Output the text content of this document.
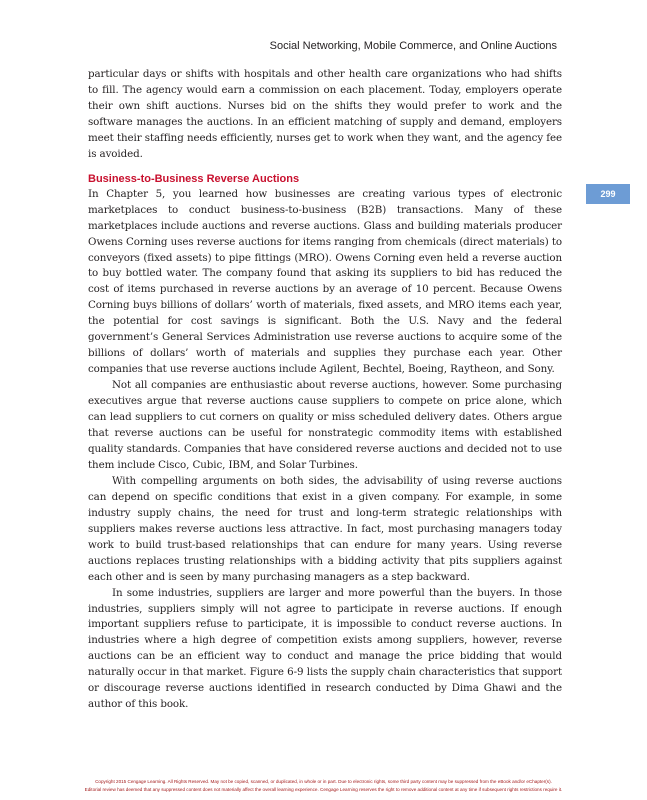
Social Networking, Mobile Commerce, and Online Auctions
299

particular days or shifts with hospitals and other health care organizations who had shifts to fill. The agency would earn a commission on each placement. Today, employers operate their own shift auctions. Nurses bid on the shifts they would prefer to work and the software manages the auctions. In an efficient matching of supply and demand, employers meet their staffing needs efficiently, nurses get to work when they want, and the agency fee is avoided.

Business-to-Business Reverse Auctions

In Chapter 5, you learned how businesses are creating various types of electronic marketplaces to conduct business-to-business (B2B) transactions. Many of these marketplaces include auctions and reverse auctions. Glass and building materials producer Owens Corning uses reverse auctions for items ranging from chemicals (direct materials) to conveyors (fixed assets) to pipe fittings (MRO). Owens Corning even held a reverse auction to buy bottled water. The company found that asking its suppliers to bid has reduced the cost of items purchased in reverse auctions by an average of 10 percent. Because Owens Corning buys billions of dollars’ worth of materials, fixed assets, and MRO items each year, the potential for cost savings is significant. Both the U.S. Navy and the federal government’s General Services Administration use reverse auctions to acquire some of the billions of dollars’ worth of materials and supplies they purchase each year. Other companies that use reverse auctions include Agilent, Bechtel, Boeing, Raytheon, and Sony.

Not all companies are enthusiastic about reverse auctions, however. Some purchasing executives argue that reverse auctions cause suppliers to compete on price alone, which can lead suppliers to cut corners on quality or miss scheduled delivery dates. Others argue that reverse auctions can be useful for nonstrategic commodity items with established quality standards. Companies that have considered reverse auctions and decided not to use them include Cisco, Cubic, IBM, and Solar Turbines.

With compelling arguments on both sides, the advisability of using reverse auctions can depend on specific conditions that exist in a given company. For example, in some industry supply chains, the need for trust and long-term strategic relationships with suppliers makes reverse auctions less attractive. In fact, most purchasing managers today work to build trust-based relationships that can endure for many years. Using reverse auctions replaces trusting relationships with a bidding activity that pits suppliers against each other and is seen by many purchasing managers as a step backward.

In some industries, suppliers are larger and more powerful than the buyers. In those industries, suppliers simply will not agree to participate in reverse auctions. If enough important suppliers refuse to participate, it is impossible to conduct reverse auctions. In industries where a high degree of competition exists among suppliers, however, reverse auctions can be an efficient way to conduct and manage the price bidding that would naturally occur in that market. Figure 6-9 lists the supply chain characteristics that support or discourage reverse auctions identified in research conducted by Dima Ghawi and the author of this book.

Copyright 2015 Cengage Learning. All Rights Reserved. May not be copied, scanned, or duplicated, in whole or in part. Due to electronic rights, some third party content may be suppressed from the eBook and/or eChapter(s).
Editorial review has deemed that any suppressed content does not materially affect the overall learning experience. Cengage Learning reserves the right to remove additional content at any time if subsequent rights restrictions require it.
